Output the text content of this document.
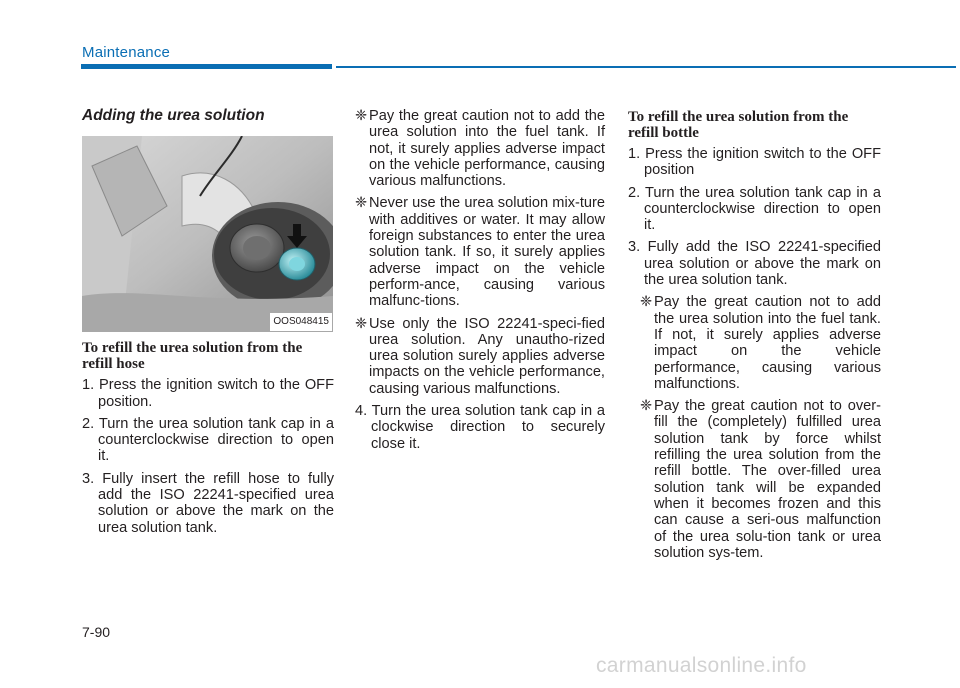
Maintenance
Adding the urea solution
OOS048415
To refill the urea solution from the refill hose
1. Press the ignition switch to the OFF position.
2. Turn the urea solution tank cap in a counterclockwise direction to open it.
3. Fully insert the refill hose to fully add the ISO 22241-specified urea solution or above the mark on the urea solution tank.
❈ Pay the great caution not to add the urea solution into the fuel tank. If not, it surely applies adverse impact on the vehicle performance, causing various malfunctions.
❈ Never use the urea solution mix-ture with additives or water. It may allow foreign substances to enter the urea solution tank. If so, it surely applies adverse impact on the vehicle perform-ance, causing various malfunc-tions.
❈ Use only the ISO 22241-speci-fied urea solution. Any unautho-rized urea solution surely applies adverse impacts on the vehicle performance, causing various malfunctions.
4. Turn the urea solution tank cap in a clockwise direction to securely close it.
To refill the urea solution from the refill bottle
1. Press the ignition switch to the OFF position
2. Turn the urea solution tank cap in a counterclockwise direction to open it.
3. Fully add the ISO 22241-specified urea solution or above the mark on the urea solution tank.
❈ Pay the great caution not to add the urea solution into the fuel tank. If not, it surely applies adverse impact on the vehicle performance, causing various malfunctions.
❈ Pay the great caution not to over-fill the (completely) fulfilled urea solution tank by force whilst refilling the urea solution from the refill bottle. The over-filled urea solution tank will be expanded when it becomes frozen and this can cause a seri-ous malfunction of the urea solu-tion tank or urea solution sys-tem.
7-90
carmanualsonline.info
